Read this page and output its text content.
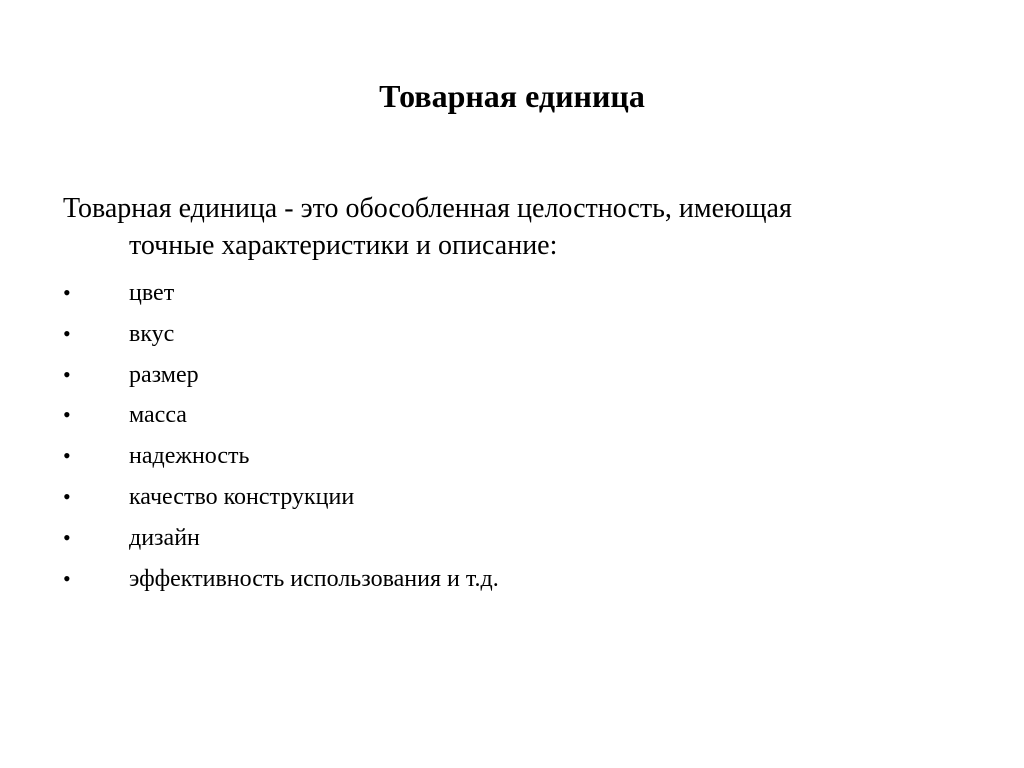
Товарная единица

Товарная единица - это обособленная целостность, имеющая
точные характеристики и описание:

•	цвет
•	вкус
•	размер
•	масса
•	надежность
•	качество конструкции
•	дизайн
•	эффективность использования и т.д.
